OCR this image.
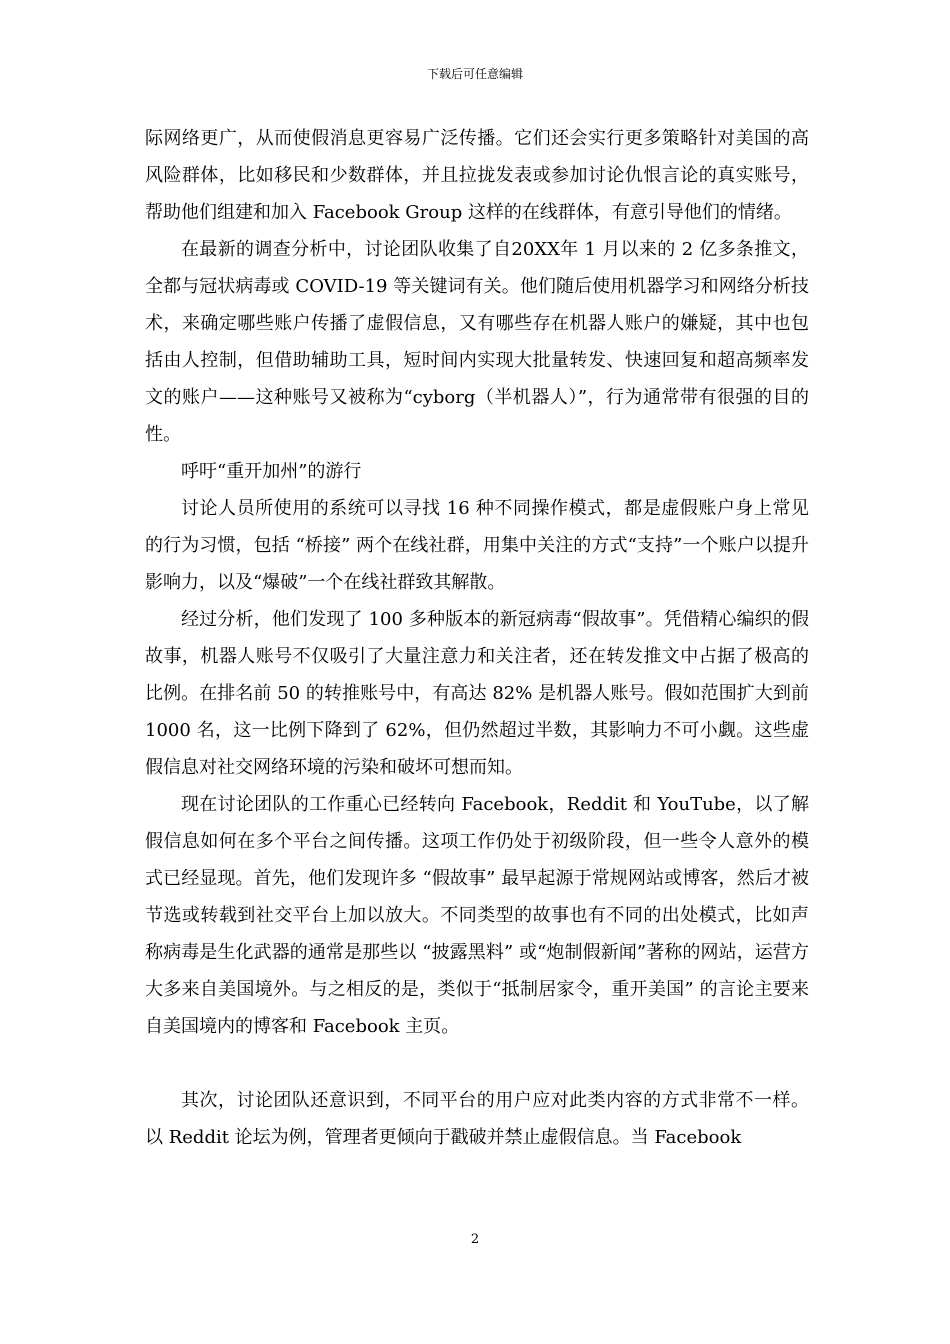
下载后可任意编辑

际网络更广，从而使假消息更容易广泛传播。它们还会实行更多策略针对美国的高风险群体，比如移民和少数群体，并且拉拢发表或参加讨论仇恨言论的真实账号，帮助他们组建和加入 Facebook Group 这样的在线群体，有意引导他们的情绪。

在最新的调查分析中，讨论团队收集了自20XX年 1 月以来的 2 亿多条推文，全都与冠状病毒或 COVID-19 等关键词有关。他们随后使用机器学习和网络分析技术，来确定哪些账户传播了虚假信息，又有哪些存在机器人账户的嫌疑，其中也包括由人控制，但借助辅助工具，短时间内实现大批量转发、快速回复和超高频率发文的账户——这种账号又被称为“cyborg（半机器人）”，行为通常带有很强的目的性。

呼吁“重开加州”的游行

讨论人员所使用的系统可以寻找 16 种不同操作模式，都是虚假账户身上常见的行为习惯，包括 “桥接” 两个在线社群，用集中关注的方式“支持”一个账户以提升影响力，以及“爆破”一个在线社群致其解散。

经过分析，他们发现了 100 多种版本的新冠病毒“假故事”。凭借精心编织的假故事，机器人账号不仅吸引了大量注意力和关注者，还在转发推文中占据了极高的比例。在排名前 50 的转推账号中，有高达 82% 是机器人账号。假如范围扩大到前 1000 名，这一比例下降到了 62%，但仍然超过半数，其影响力不可小觑。这些虚假信息对社交网络环境的污染和破坏可想而知。

现在讨论团队的工作重心已经转向 Facebook，Reddit 和 YouTube，以了解假信息如何在多个平台之间传播。这项工作仍处于初级阶段，但一些令人意外的模式已经显现。首先，他们发现许多 “假故事” 最早起源于常规网站或博客，然后才被节选或转载到社交平台上加以放大。不同类型的故事也有不同的出处模式，比如声称病毒是生化武器的通常是那些以 “披露黑料” 或“炮制假新闻”著称的网站，运营方大多来自美国境外。与之相反的是，类似于“抵制居家令，重开美国” 的言论主要来自美国境内的博客和 Facebook 主页。

其次，讨论团队还意识到，不同平台的用户应对此类内容的方式非常不一样。以 Reddit 论坛为例，管理者更倾向于戳破并禁止虚假信息。当 Facebook

2
